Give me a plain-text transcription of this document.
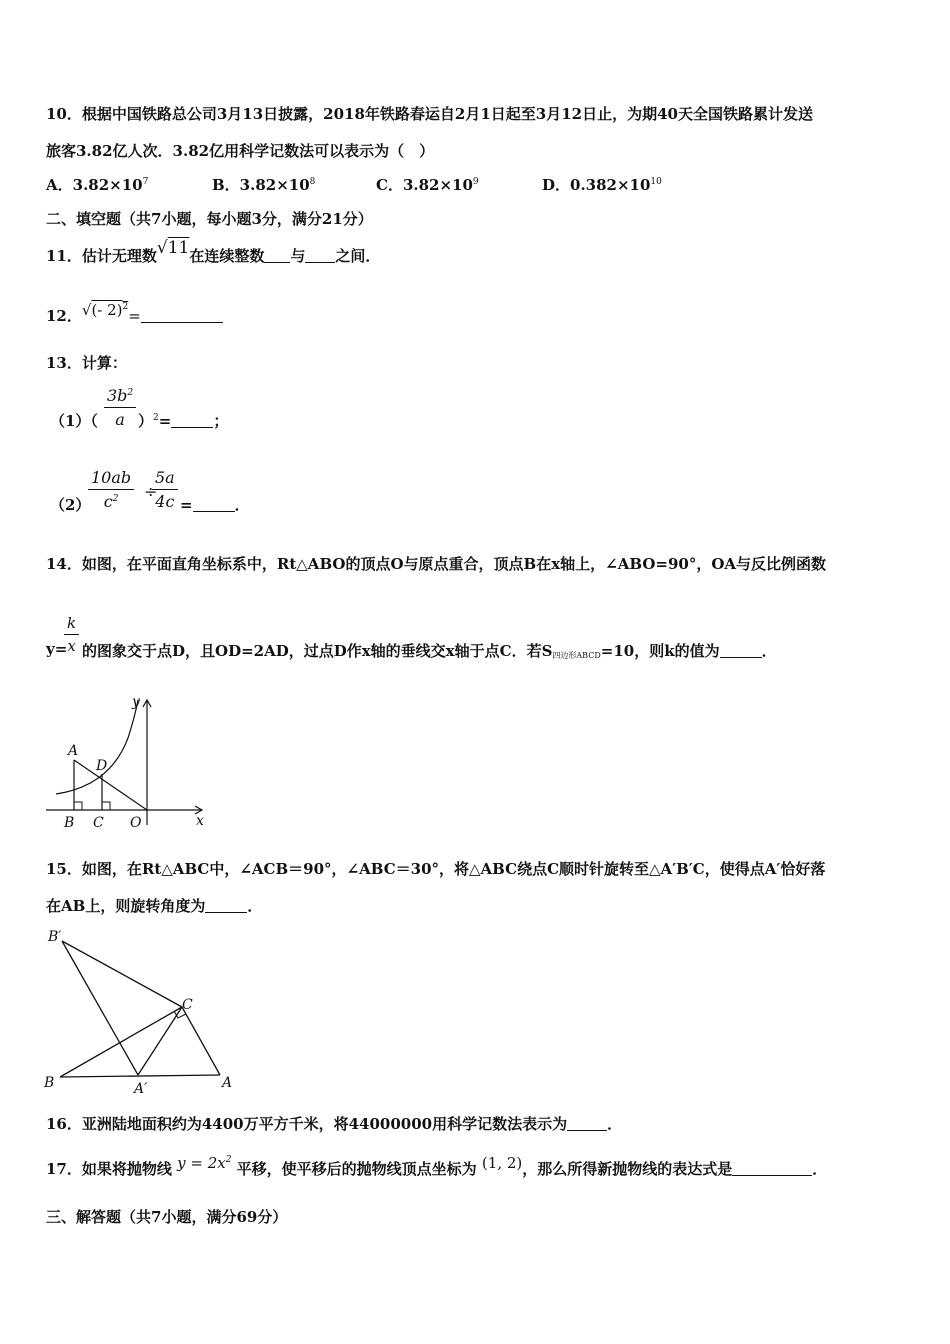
10．根据中国铁路总公司3月13日披露，2018年铁路春运自2月1日起至3月12日止，为期40天全国铁路累计发送
旅客3.82亿人次．3.82亿用科学记数法可以表示为（　）
A．$3.82\times 10^7$	B．$3.82\times 10^8$	C．$3.82\times 10^9$	D．$0.382\times 10^{10}$
二、填空题（共7小题，每小题3分，满分21分）
11．估计无理数√11在连续整数 与 之间．
12．√(- 2)$^2$=
13．计算：
$(1)( \frac{3b^2}{a} )^2=$	；
（2）
$\frac{10ab}{c^2}$ ÷
$\frac{5a}{4c}$ =	．
14．如图，在平面直角坐标系中，Rt△ABO的顶点O与原点重合，顶点B在x轴上，∠ABO=90°，OA与反比例函数
y=
$\frac{k}{x}$ 的图象交于点D，且OD=2AD，过点D作x轴的垂线交x轴于点C．若$S_{四边形ABCD}=10$，则k的值为	．
A
D
B C O	x
y
15．如图，在Rt△ABC中，∠ACB＝90°，∠ABC＝30°，将△ABC绕点C顺时针旋转至△A′B′C，使得点A′恰好落
在AB上，则旋转角度为	．
B′
C
B	A′	A
16．亚洲陆地面积约为4400万平方千米，将44000000用科学记数法表示为	．
17．如果将抛物线 $y = 2x^2$ 平移，使平移后的抛物线顶点坐标为 (1, 2)，那么所得新抛物线的表达式是	．
三、解答题（共7小题，满分69分）
